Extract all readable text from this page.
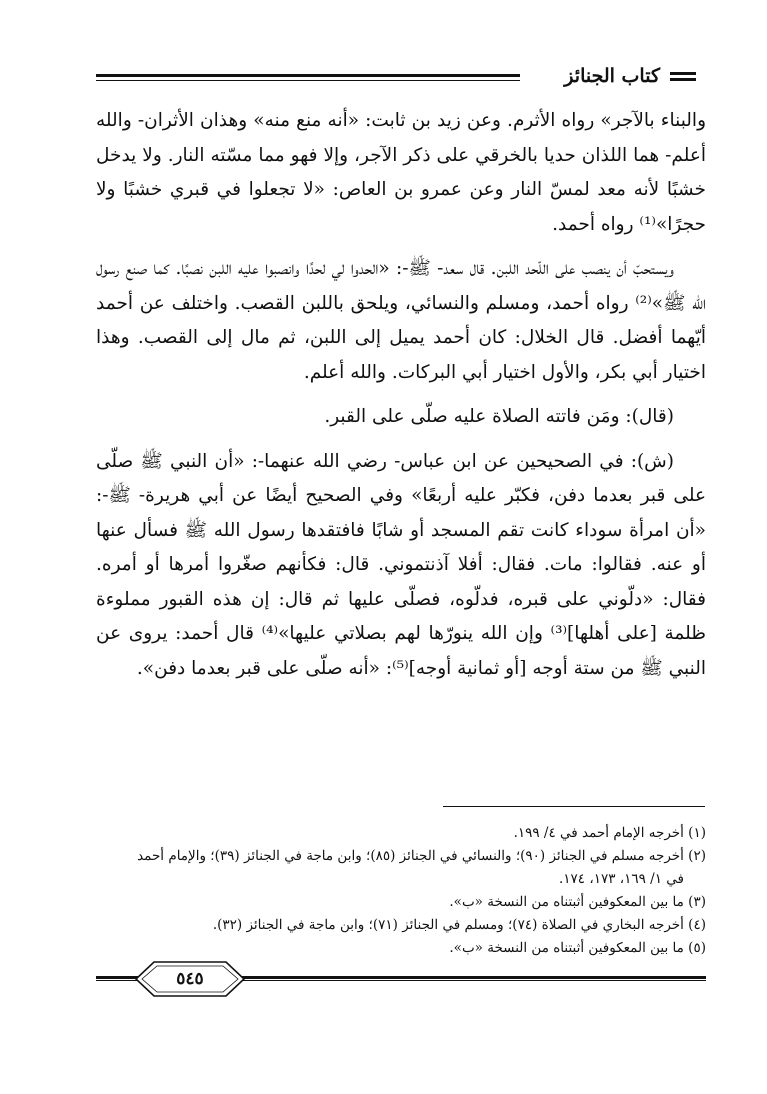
كتاب الجنائز

والبناء بالآجر» رواه الأثرم. وعن زيد بن ثابت: «أنه منع منه» وهذان الأثران- والله أعلم- هما اللذان حديا بالخرقي على ذكر الآجر، وإلا فهو مما مسّته النار. ولا يدخل خشبًا لأنه معد لمسّ النار وعن عمرو بن العاص: «لا تجعلوا في قبري خشبًا ولا حجرًا»⁽¹⁾ رواه أحمد.

ويستحبّ أن ينصب على اللّحد اللبن. قال سعد- ﷺ-: «الحدوا لي لحدًا وانصبوا عليه اللبن نصبًا. كما صنع رسول الله ﷺ»⁽²⁾ رواه أحمد، ومسلم والنسائي، ويلحق باللبن القصب. واختلف عن أحمد أيّهما أفضل. قال الخلال: كان أحمد يميل إلى اللبن، ثم مال إلى القصب. وهذا اختيار أبي بكر، والأول اختيار أبي البركات. والله أعلم.

(قال): ومَن فاتته الصلاة عليه صلّى على القبر.

(ش): في الصحيحين عن ابن عباس- رضي الله عنهما-: «أن النبي ﷺ صلّى على قبر بعدما دفن، فكبّر عليه أربعًا» وفي الصحيح أيضًا عن أبي هريرة- ﷺ-: «أن امرأة سوداء كانت تقم المسجد أو شابًا فافتقدها رسول الله ﷺ فسأل عنها أو عنه. فقالوا: مات. فقال: أفلا آذنتموني. قال: فكأنهم صغّروا أمرها أو أمره. فقال: «دلّوني على قبره، فدلّوه، فصلّى عليها ثم قال: إن هذه القبور مملوءة ظلمة [على أهلها]⁽³⁾ وإن الله ينورّها لهم بصلاتي عليها»⁽⁴⁾ قال أحمد: يروى عن النبي ﷺ من ستة أوجه [أو ثمانية أوجه]⁽⁵⁾: «أنه صلّى على قبر بعدما دفن».

(١) أخرجه الإمام أحمد في ٤/ ١٩٩.

(٢) أخرجه مسلم في الجنائز (٩٠)؛ والنسائي في الجنائز (٨٥)؛ وابن ماجة في الجنائز (٣٩)؛ والإمام أحمد

في ١/ ١٦٩، ١٧٣، ١٧٤.

(٣) ما بين المعكوفين أثبتناه من النسخة «ب».

(٤) أخرجه البخاري في الصلاة (٧٤)؛ ومسلم في الجنائز (٧١)؛ وابن ماجة في الجنائز (٣٢).

(٥) ما بين المعكوفين أثبتناه من النسخة «ب».

٥٤٥
